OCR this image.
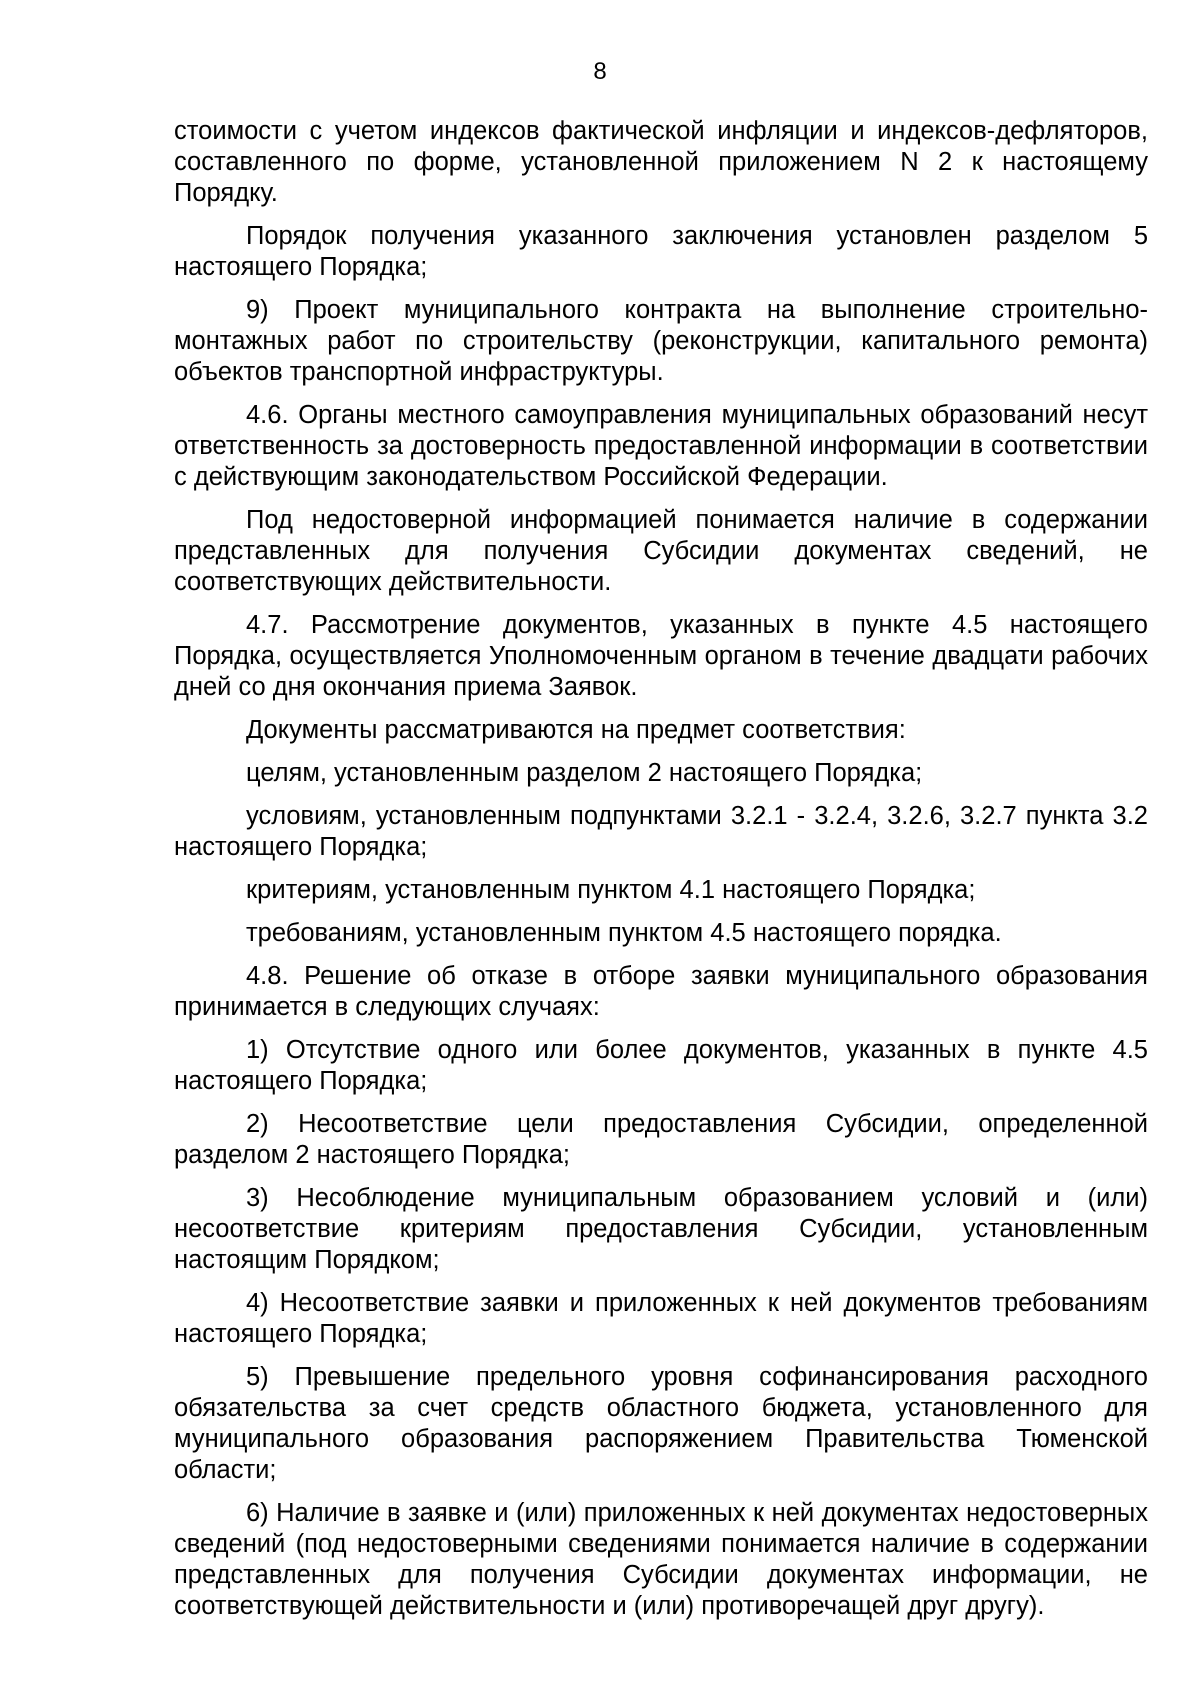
8

стоимости с учетом индексов фактической инфляции и индексов-дефляторов, составленного по форме, установленной приложением N 2 к настоящему Порядку.

Порядок получения указанного заключения установлен разделом 5 настоящего Порядка;

9) Проект муниципального контракта на выполнение строительно-монтажных работ по строительству (реконструкции, капитального ремонта) объектов транспортной инфраструктуры.

4.6. Органы местного самоуправления муниципальных образований несут ответственность за достоверность предоставленной информации в соответствии с действующим законодательством Российской Федерации.

Под недостоверной информацией понимается наличие в содержании представленных для получения Субсидии документах сведений, не соответствующих действительности.

4.7. Рассмотрение документов, указанных в пункте 4.5 настоящего Порядка, осуществляется Уполномоченным органом в течение двадцати рабочих дней со дня окончания приема Заявок.

Документы рассматриваются на предмет соответствия:

целям, установленным разделом 2 настоящего Порядка;

условиям, установленным подпунктами 3.2.1 - 3.2.4, 3.2.6, 3.2.7 пункта 3.2 настоящего Порядка;

критериям, установленным пунктом 4.1 настоящего Порядка;

требованиям, установленным пунктом 4.5 настоящего порядка.

4.8. Решение об отказе в отборе заявки муниципального образования принимается в следующих случаях:

1) Отсутствие одного или более документов, указанных в пункте 4.5 настоящего Порядка;

2) Несоответствие цели предоставления Субсидии, определенной разделом 2 настоящего Порядка;

3) Несоблюдение муниципальным образованием условий и (или) несоответствие критериям предоставления Субсидии, установленным настоящим Порядком;

4) Несоответствие заявки и приложенных к ней документов требованиям настоящего Порядка;

5) Превышение предельного уровня софинансирования расходного обязательства за счет средств областного бюджета, установленного для муниципального образования распоряжением Правительства Тюменской области;

6) Наличие в заявке и (или) приложенных к ней документах недостоверных сведений (под недостоверными сведениями понимается наличие в содержании представленных для получения Субсидии документах информации, не соответствующей действительности и (или) противоречащей друг другу).
